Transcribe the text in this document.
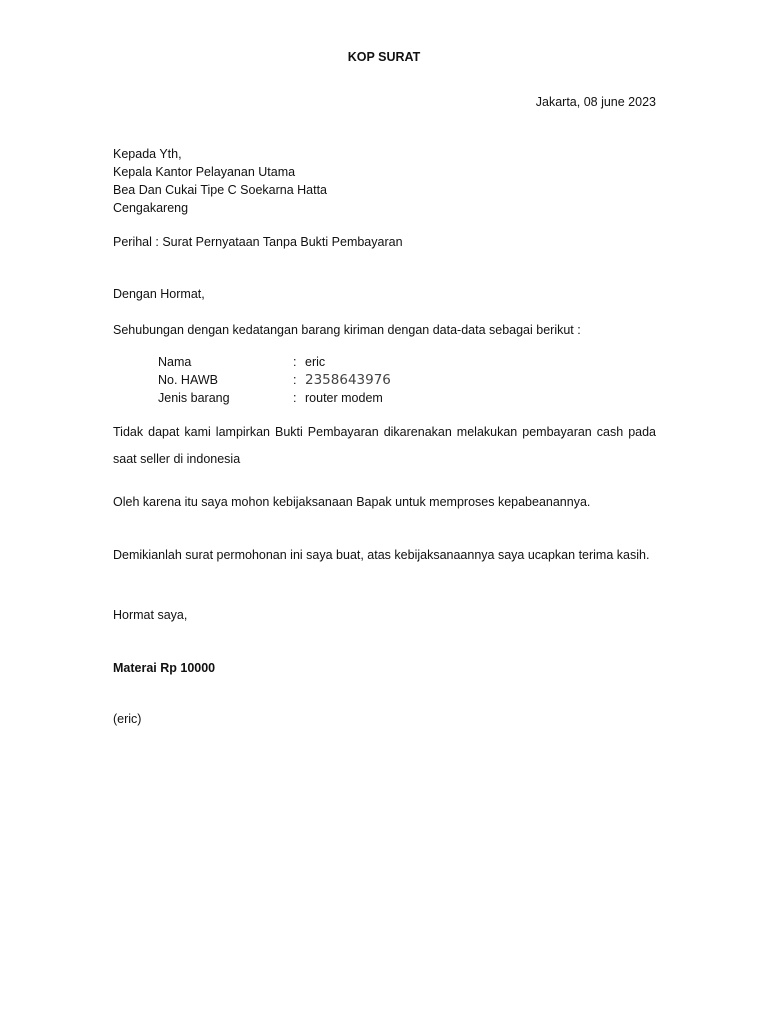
KOP SURAT
Jakarta, 08 june 2023
Kepada Yth,
Kepala Kantor Pelayanan Utama
Bea Dan Cukai Tipe C Soekarna Hatta
Cengakareng
Perihal : Surat Pernyataan Tanpa Bukti Pembayaran
Dengan Hormat,
Sehubungan dengan kedatangan barang kiriman dengan data-data sebagai berikut :
Nama	: eric
No. HAWB	: 2358643976
Jenis barang	: router modem
Tidak dapat kami lampirkan Bukti Pembayaran dikarenakan melakukan pembayaran cash pada
saat seller di indonesia
Oleh karena itu saya mohon kebijaksanaan Bapak untuk memproses kepabeanannya.
Demikianlah surat permohonan ini saya buat, atas kebijaksanaannya saya ucapkan terima kasih.
Hormat saya,
Materai Rp 10000
(eric)
